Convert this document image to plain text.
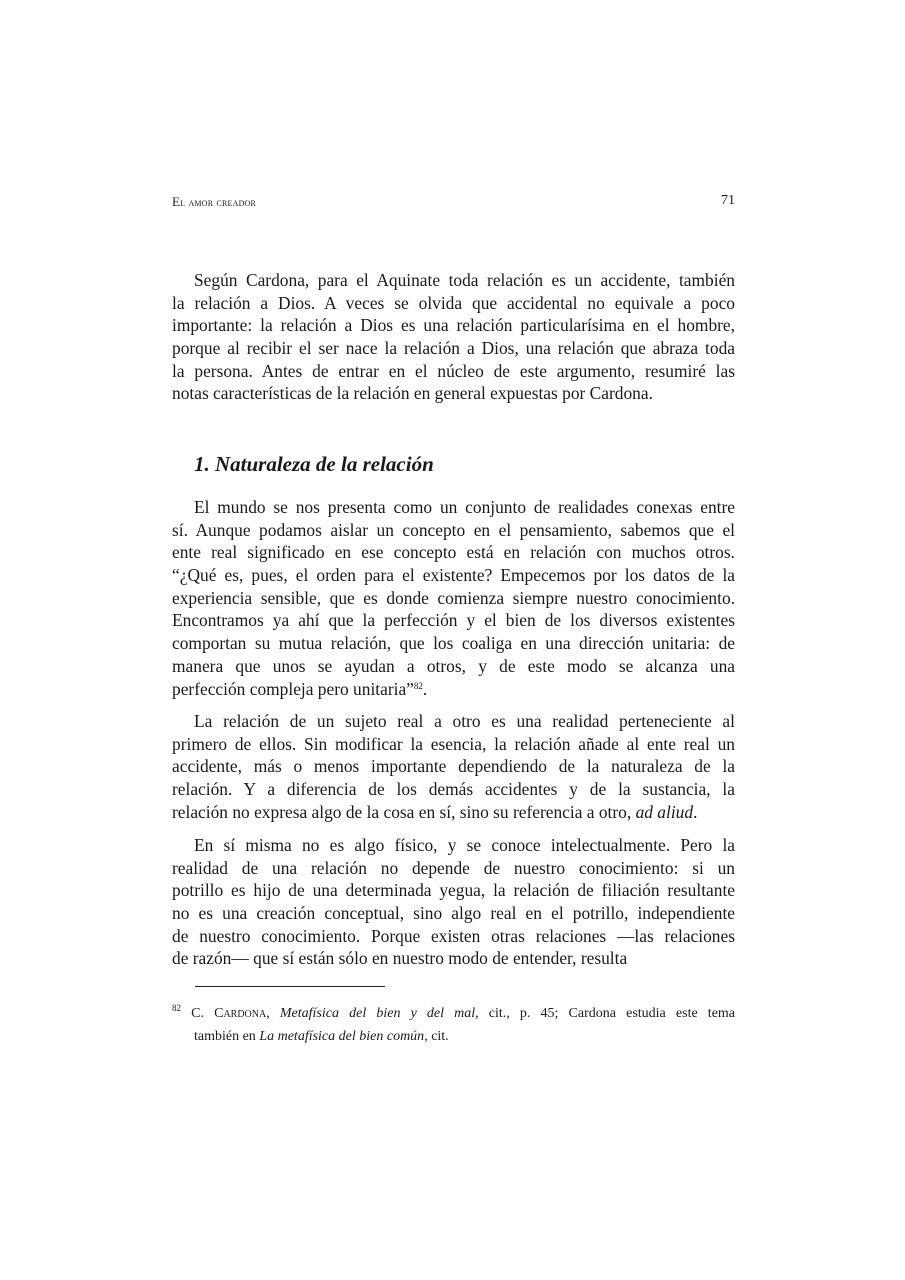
El amor creador	71
Según Cardona, para el Aquinate toda relación es un accidente, también
la relación a Dios. A veces se olvida que accidental no equivale a poco
importante: la relación a Dios es una relación particularísima en el hombre,
porque al recibir el ser nace la relación a Dios, una relación que abraza toda
la persona. Antes de entrar en el núcleo de este argumento, resumiré las
notas características de la relación en general expuestas por Cardona.
1. Naturaleza de la relación
El mundo se nos presenta como un conjunto de realidades conexas entre
sí. Aunque podamos aislar un concepto en el pensamiento, sabemos que el
ente real significado en ese concepto está en relación con muchos otros.
“¿Qué es, pues, el orden para el existente? Empecemos por los datos de la
experiencia sensible, que es donde comienza siempre nuestro conocimiento.
Encontramos ya ahí que la perfección y el bien de los diversos existentes
comportan su mutua relación, que los coaliga en una dirección unitaria: de
manera que unos se ayudan a otros, y de este modo se alcanza una
perfección compleja pero unitaria”$^{82}$.
La relación de un sujeto real a otro es una realidad perteneciente al
primero de ellos. Sin modificar la esencia, la relación añade al ente real un
accidente, más o menos importante dependiendo de la naturaleza de la
relación. Y a diferencia de los demás accidentes y de la sustancia, la
relación no expresa algo de la cosa en sí, sino su referencia a otro, ad aliud.
En sí misma no es algo físico, y se conoce intelectualmente. Pero la
realidad de una relación no depende de nuestro conocimiento: si un
potrillo es hijo de una determinada yegua, la relación de filiación resultante
no es una creación conceptual, sino algo real en el potrillo, independiente
de nuestro conocimiento. Porque existen otras relaciones —las relaciones
de razón— que sí están sólo en nuestro modo de entender, resulta
$^{82}$ C. Cardona, Metafísica del bien y del mal, cit., p. 45; Cardona estudia este tema
también en La metafísica del bien común, cit.
